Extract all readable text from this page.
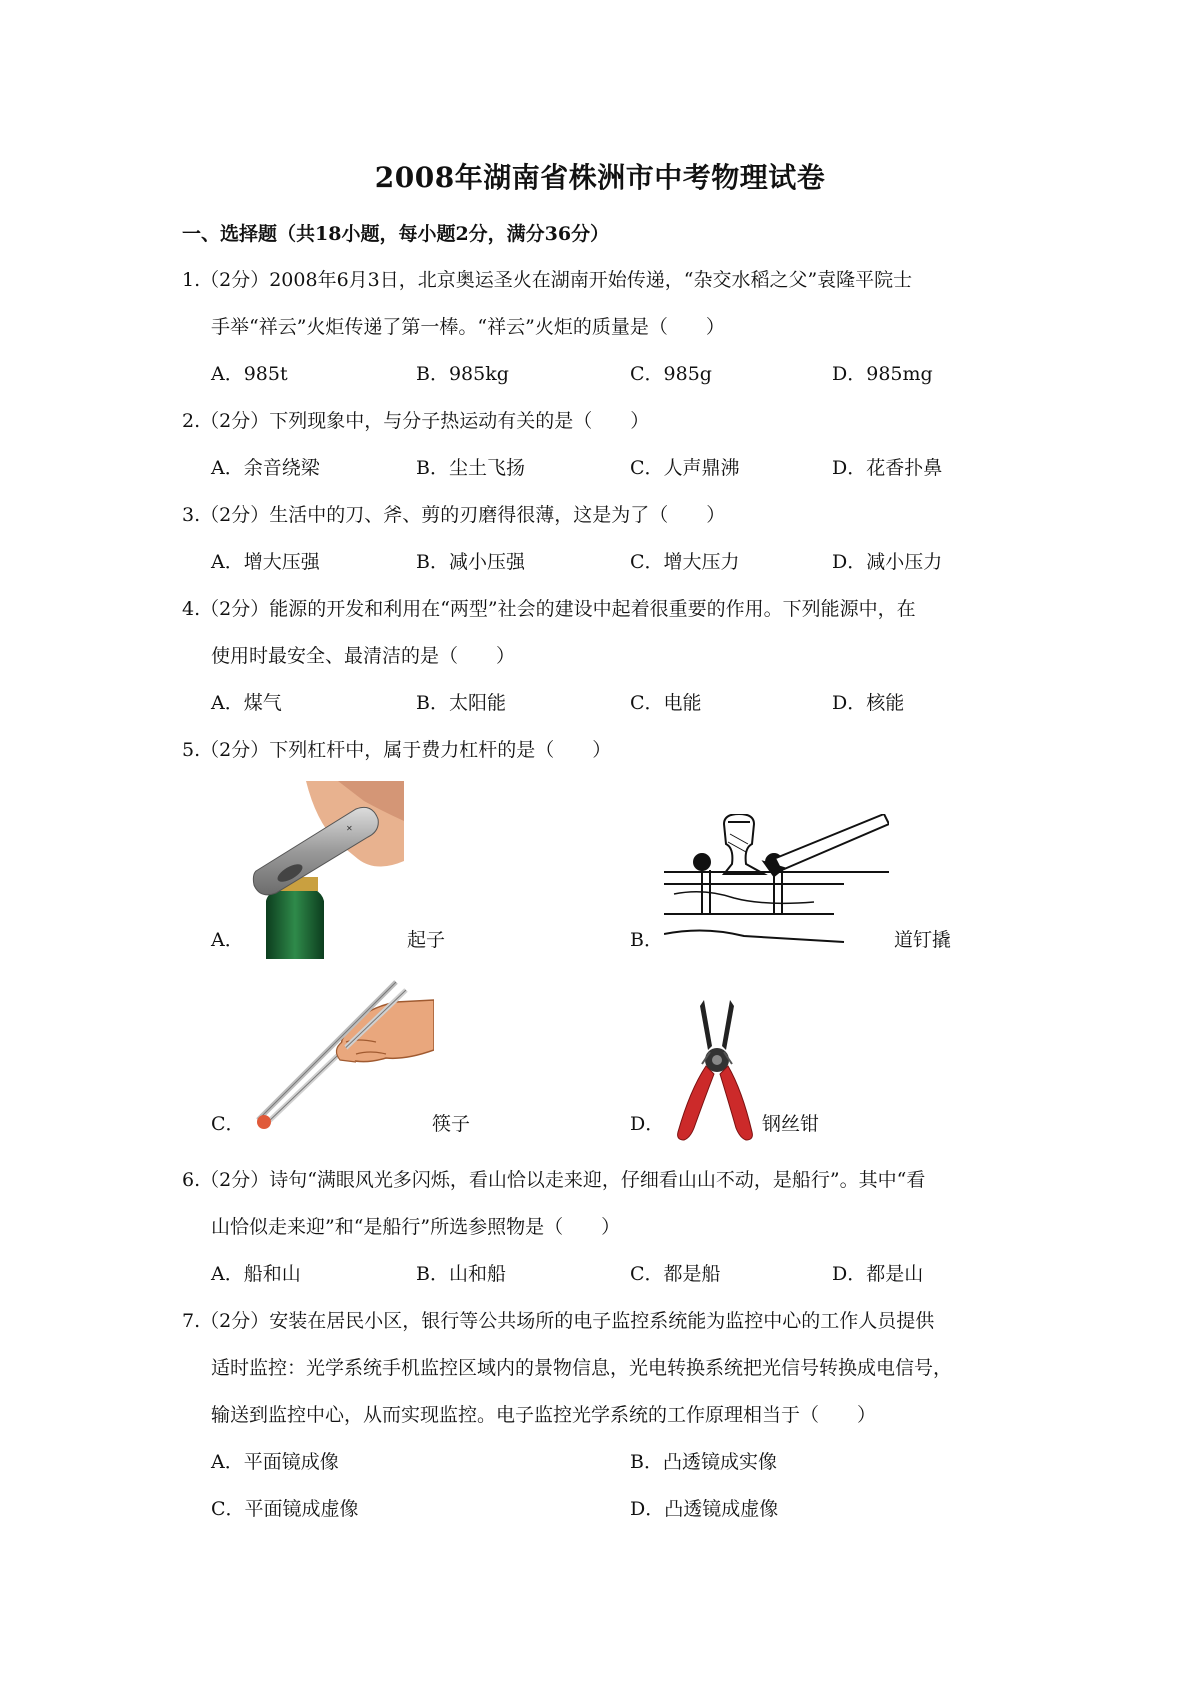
2008年湖南省株洲市中考物理试卷
一、选择题（共18小题，每小题2分，满分36分）
1.（2分）2008年6月3日，北京奥运圣火在湖南开始传递，“杂交水稻之父”袁隆平院士
手举“祥云”火炬传递了第一棒。“祥云”火炬的质量是（　　）
A．985t	B．985kg	C．985g	D．985mg
2.（2分）下列现象中，与分子热运动有关的是（　　）
A．余音绕梁	B．尘土飞扬	C．人声鼎沸	D．花香扑鼻
3.（2分）生活中的刀、斧、剪的刃磨得很薄，这是为了（　　）
A．增大压强	B．减小压强	C．增大压力	D．减小压力
4.（2分）能源的开发和利用在“两型”社会的建设中起着很重要的作用。下列能源中，在
使用时最安全、最清洁的是（　　）
A．煤气	B．太阳能	C．电能	D．核能
5.（2分）下列杠杆中，属于费力杠杆的是（　　）
A．
✕
起子	B．	道钉撬
C．	筷子	D．	钢丝钳
6.（2分）诗句“满眼风光多闪烁，看山恰以走来迎，仔细看山山不动，是船行”。其中“看
山恰似走来迎”和“是船行”所选参照物是（　　）
A．船和山	B．山和船	C．都是船	D．都是山
7.（2分）安装在居民小区，银行等公共场所的电子监控系统能为监控中心的工作人员提供
适时监控：光学系统手机监控区域内的景物信息，光电转换系统把光信号转换成电信号，
输送到监控中心，从而实现监控。电子监控光学系统的工作原理相当于（　　）
A．平面镜成像	B．凸透镜成实像
C．平面镜成虚像	D．凸透镜成虚像
